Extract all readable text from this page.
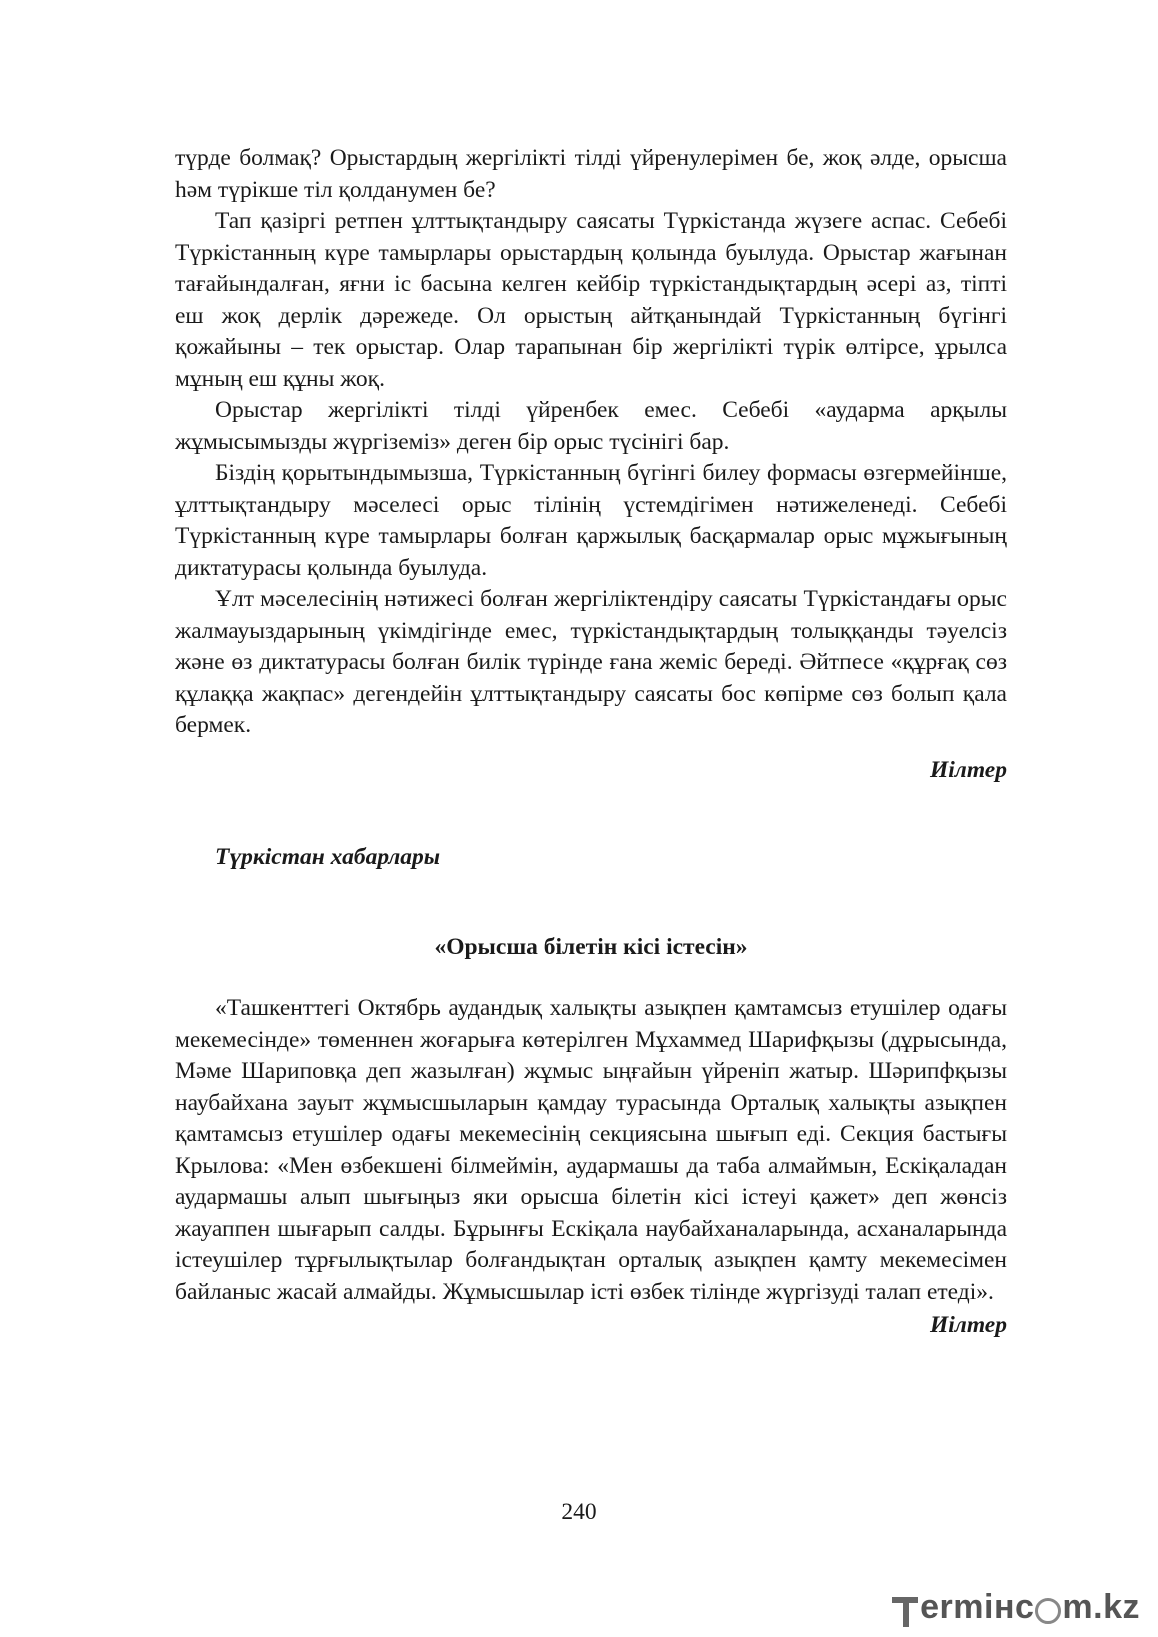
түрде болмақ? Орыстардың жергілікті тілді үйренулерімен бе, жоқ әлде, орысша һәм түрікше тіл қолданумен бе?

Тап қазіргі ретпен ұлттықтандыру саясаты Түркістанда жүзеге аспас. Себебі Түркістанның күре тамырлары орыстардың қолында буылуда. Орыстар жағынан тағайындалған, яғни іс басына келген кейбір түркістандықтардың әсері аз, тіпті еш жоқ дерлік дәрежеде. Ол орыстың айтқанындай Түркістанның бүгінгі қожайыны – тек орыстар. Олар тарапынан бір жергілікті түрік өлтірсе, ұрылса мұның еш құны жоқ.

Орыстар жергілікті тілді үйренбек емес. Себебі «аударма арқылы жұмысымызды жүргіземіз» деген бір орыс түсінігі бар.

Біздің қорытындымызша, Түркістанның бүгінгі билеу формасы өзгермейінше, ұлттықтандыру мәселесі орыс тілінің үстемдігімен нәтижеленеді. Себебі Түркістанның күре тамырлары болған қаржылық басқармалар орыс мұжығының диктатурасы қолында буылуда.

Ұлт мәселесінің нәтижесі болған жергіліктендіру саясаты Түркістандағы орыс жалмауыздарының үкімдігінде емес, түркістандықтардың толыққанды тәуелсіз және өз диктатурасы болған билік түрінде ғана жеміс береді. Әйтпесе «құрғақ сөз құлаққа жақпас» дегендейін ұлттықтандыру саясаты бос көпірме сөз болып қала бермек.

Иілтер

Түркістан хабарлары

«Орысша білетін кісі істесін»

«Ташкенттегі Октябрь аудандық халықты азықпен қамтамсыз етушілер одағы мекемесінде» төменнен жоғарыға көтерілген Мұхаммед Шарифқызы (дұрысында, Мәме Шариповқа деп жазылған) жұмыс ыңғайын үйреніп жатыр. Шәрипфқызы наубайхана зауыт жұмысшыларын қамдау турасында Орталық халықты азықпен қамтамсыз етушілер одағы мекемесінің секциясына шығып еді. Секция бастығы Крылова: «Мен өзбекшені білмеймін, аудармашы да таба алмаймын, Ескіқаладан аудармашы алып шығыңыз яки орысша білетін кісі істеуі қажет» деп жөнсіз жауаппен шығарып салды. Бұрынғы Ескіқала наубайханаларында, асханаларында істеушілер тұрғылықтылар болғандықтан орталық азықпен қамту мекемесімен байланыс жасай алмайды. Жұмысшылар істі өзбек тілінде жүргізуді талап етеді».

Иілтер

240
ermінc m.kz
